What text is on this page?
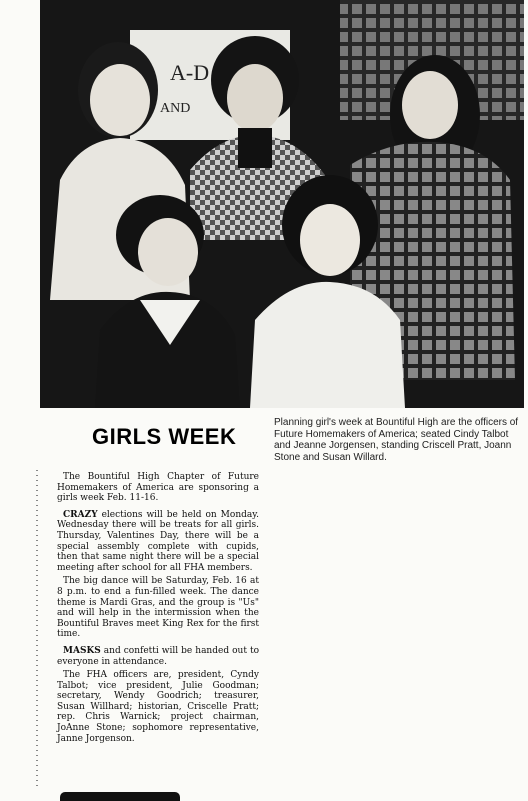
A-D
AND
GIRLS WEEK
Planning girl's week at Bountiful High are the officers of Future Homemakers of America; seated Cindy Talbot and Jeanne Jorgensen, standing Criscell Pratt, Joann Stone and Susan Willard.

The Bountiful High Chapter of Future Homemakers of America are sponsoring a girls week Feb. 11-16.

CRAZY elections will be held on Monday. Wednesday there will be treats for all girls. Thursday, Valentines Day, there will be a special assembly complete with cupids, then that same night there will be a special meeting after school for all FHA members.

The big dance will be Saturday, Feb. 16 at 8 p.m. to end a fun-filled week. The dance theme is Mardi Gras, and the group is "Us" and will help in the intermission when the Bountiful Braves meet King Rex for the first time.

MASKS and confetti will be handed out to everyone in attendance.

The FHA officers are, president, Cyndy Talbot; vice president, Julie Goodman; secretary, Wendy Goodrich; treasurer, Susan Willhard; historian, Criscelle Pratt; rep. Chris Warnick; project chairman, JoAnne Stone; sophomore representative, Janne Jorgenson.
